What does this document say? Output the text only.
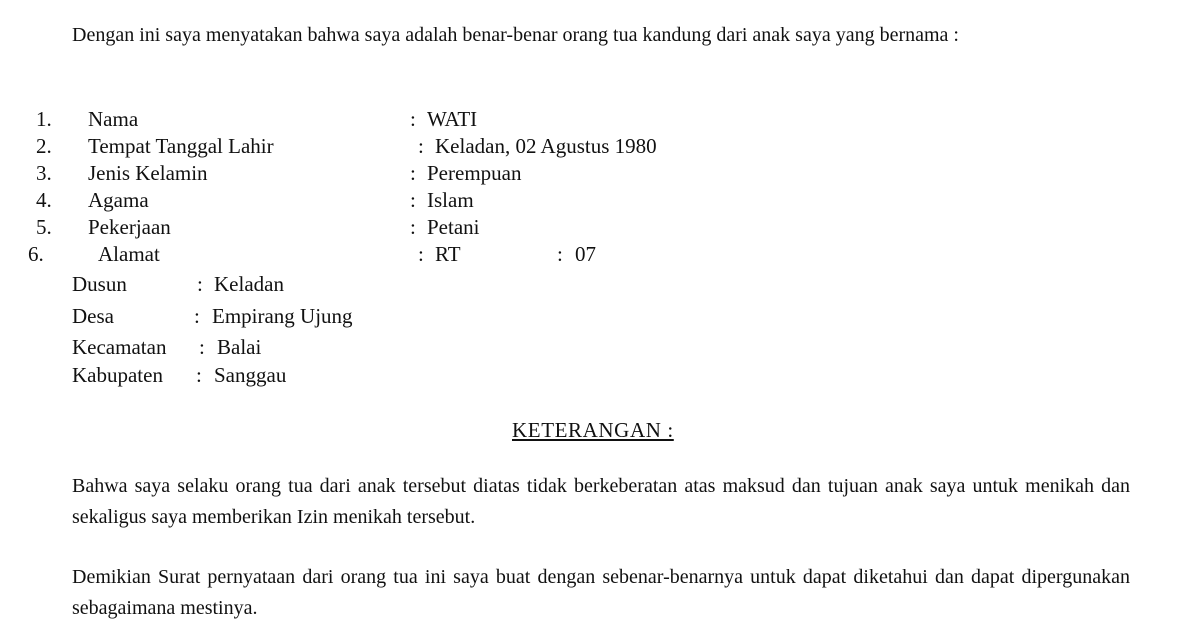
Dengan ini saya menyatakan bahwa saya adalah benar-benar orang tua kandung dari anak saya yang bernama :
1.	Nama	: WATI
2.	Tempat Tanggal Lahir	: Keladan, 02 Agustus 1980
3.	Jenis Kelamin	: Perempuan
4.	Agama	: Islam
5.	Pekerjaan	: Petani
6.	Alamat	: RT	: 07
Dusun	: Keladan
Desa	: Empirang Ujung
Kecamatan : Balai
Kabupaten : Sanggau
KETERANGAN :
Bahwa saya selaku orang tua dari anak tersebut diatas tidak berkeberatan atas maksud dan tujuan anak saya untuk menikah dan sekaligus saya memberikan Izin menikah tersebut.
Demikian Surat pernyataan dari orang tua ini saya buat dengan sebenar-benarnya untuk dapat diketahui dan dapat dipergunakan sebagaimana mestinya.
